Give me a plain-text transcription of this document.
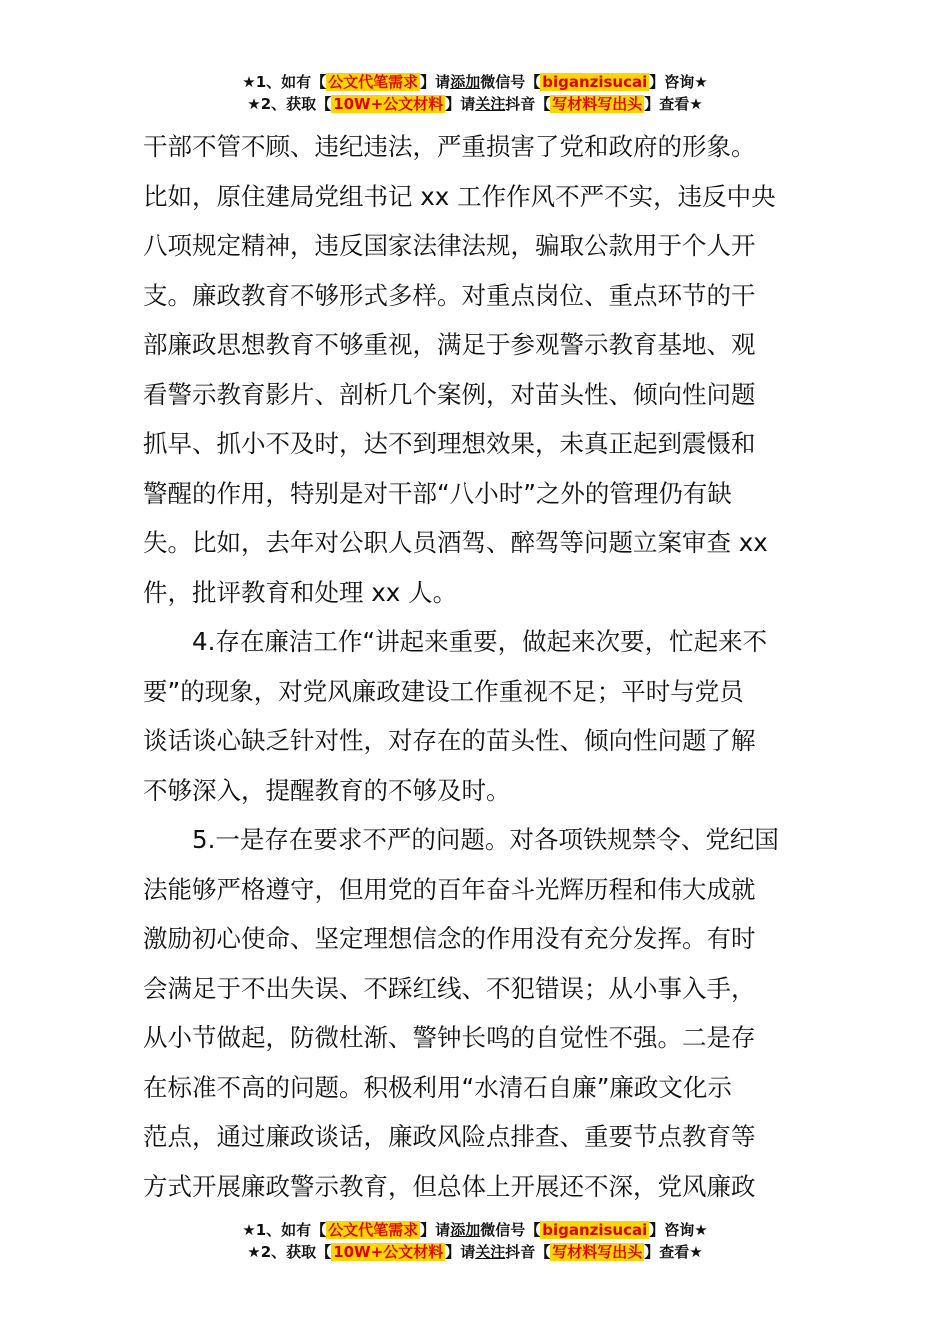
★1、如有【 公文代笔需求 】请添加微信号【 biganzisucai 】咨询★
★2、获取【 10W+公文材料 】请关注抖音【 写材料写出头 】查看★

干部不管不顾、违纪违法，严重损害了党和政府的形象。
比如，原住建局党组书记 xx 工作作风不严不实，违反中央
八项规定精神，违反国家法律法规，骗取公款用于个人开
支。廉政教育不够形式多样。对重点岗位、重点环节的干
部廉政思想教育不够重视，满足于参观警示教育基地、观
看警示教育影片、剖析几个案例，对苗头性、倾向性问题
抓早、抓小不及时，达不到理想效果，未真正起到震慑和
警醒的作用，特别是对干部“八小时”之外的管理仍有缺
失。比如，去年对公职人员酒驾、醉驾等问题立案审查 xx
件，批评教育和处理 xx 人。

4.存在廉洁工作“讲起来重要，做起来次要，忙起来不
要”的现象，对党风廉政建设工作重视不足；平时与党员
谈话谈心缺乏针对性，对存在的苗头性、倾向性问题了解
不够深入，提醒教育的不够及时。

5.一是存在要求不严的问题。对各项铁规禁令、党纪国
法能够严格遵守，但用党的百年奋斗光辉历程和伟大成就
激励初心使命、坚定理想信念的作用没有充分发挥。有时
会满足于不出失误、不踩红线、不犯错误；从小事入手，
从小节做起，防微杜渐、警钟长鸣的自觉性不强。二是存
在标准不高的问题。积极利用“水清石自廉”廉政文化示
范点，通过廉政谈话，廉政风险点排查、重要节点教育等
方式开展廉政警示教育，但总体上开展还不深，党风廉政

★1、如有【 公文代笔需求 】请添加微信号【 biganzisucai 】咨询★
★2、获取【 10W+公文材料 】请关注抖音【 写材料写出头 】查看★
